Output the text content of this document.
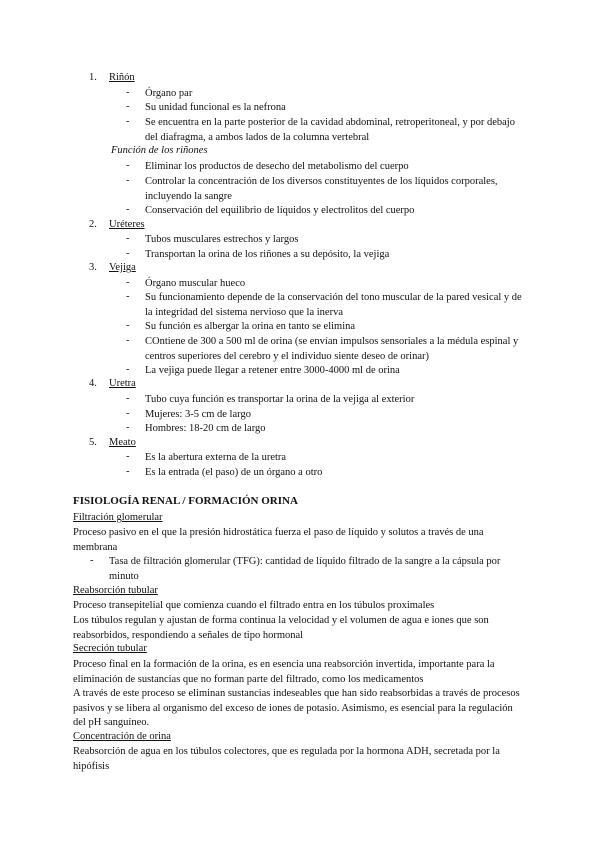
1.	Riñón
- Órgano par
- Su unidad funcional es la nefrona
- Se encuentra en la parte posterior de la cavidad abdominal, retroperitoneal, y por debajo del diafragma, a ambos lados de la columna vertebral
Función de los riñones
- Eliminar los productos de desecho del metabolismo del cuerpo
- Controlar la concentración de los diversos constituyentes de los líquidos corporales, incluyendo la sangre
- Conservación del equilibrio de líquidos y electrolitos del cuerpo
2.	Uréteres
- Tubos musculares estrechos y largos
- Transportan la orina de los riñones a su depósito, la vejiga
3.	Vejiga
- Órgano muscular hueco
- Su funcionamiento depende de la conservación del tono muscular de la pared vesical y de la integridad del sistema nervioso que la inerva
- Su función es albergar la orina en tanto se elimina
- COntiene de 300 a 500 ml de orina (se envían impulsos sensoriales a la médula espinal y centros superiores del cerebro y el individuo siente deseo de orinar)
- La vejiga puede llegar a retener entre 3000-4000 ml de orina
4.	Uretra
- Tubo cuya función es transportar la orina de la vejiga al exterior
- Mujeres: 3-5 cm de largo
- Hombres: 18-20 cm de largo
5.	Meato
- Es la abertura externa de la uretra
- Es la entrada (el paso) de un órgano a otro
FISIOLOGÍA RENAL / FORMACIÓN ORINA
Filtración glomerular
Proceso pasivo en el que la presión hidrostática fuerza el paso de líquido y solutos a través de una membrana
- Tasa de filtración glomerular (TFG): cantidad de líquido filtrado de la sangre a la cápsula por minuto
Reabsorción tubular
Proceso transepitelial que comienza cuando el filtrado entra en los túbulos proximales
Los túbulos regulan y ajustan de forma continua la velocidad y el volumen de agua e iones que son reabsorbidos, respondiendo a señales de tipo hormonal
Secreción tubular
Proceso final en la formación de la orina, es en esencia una reabsorción invertida, importante para la eliminación de sustancias que no forman parte del filtrado, como los medicamentos
A través de este proceso se eliminan sustancias indeseables que han sido reabsorbidas a través de procesos pasivos y se libera al organismo del exceso de iones de potasio. Asimismo, es esencial para la regulación del pH sanguíneo.
Concentración de orina
Reabsorción de agua en los túbulos colectores, que es regulada por la hormona ADH, secretada por la hipófisis
